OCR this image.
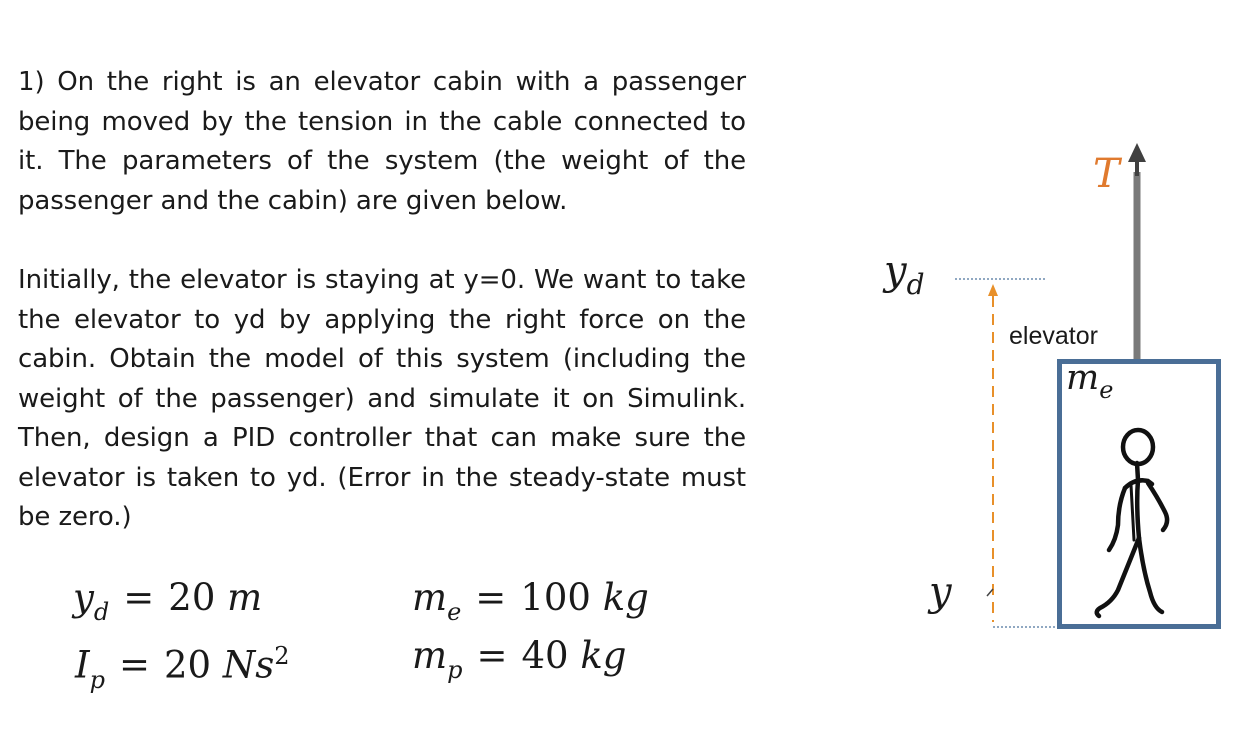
1) On the right is an elevator cabin with a passenger being moved by the tension in the cable connected to it. The parameters of the system (the weight of the passenger and the cabin) are given below.
Initially, the elevator is staying at y=0. We want to take the elevator to yd by applying the right force on the cabin. Obtain the model of this system (including the weight of the passenger) and simulate it on Simulink. Then, design a PID controller that can make sure the elevator is taken to yd. (Error in the steady-state must be zero.)
$y_d = 20$ m
$I_p = 20$ Ns$^2$
$m_e = 100$ kg
$m_p = 40$ kg
T
$y_d$
y
elevator
$m_e$
